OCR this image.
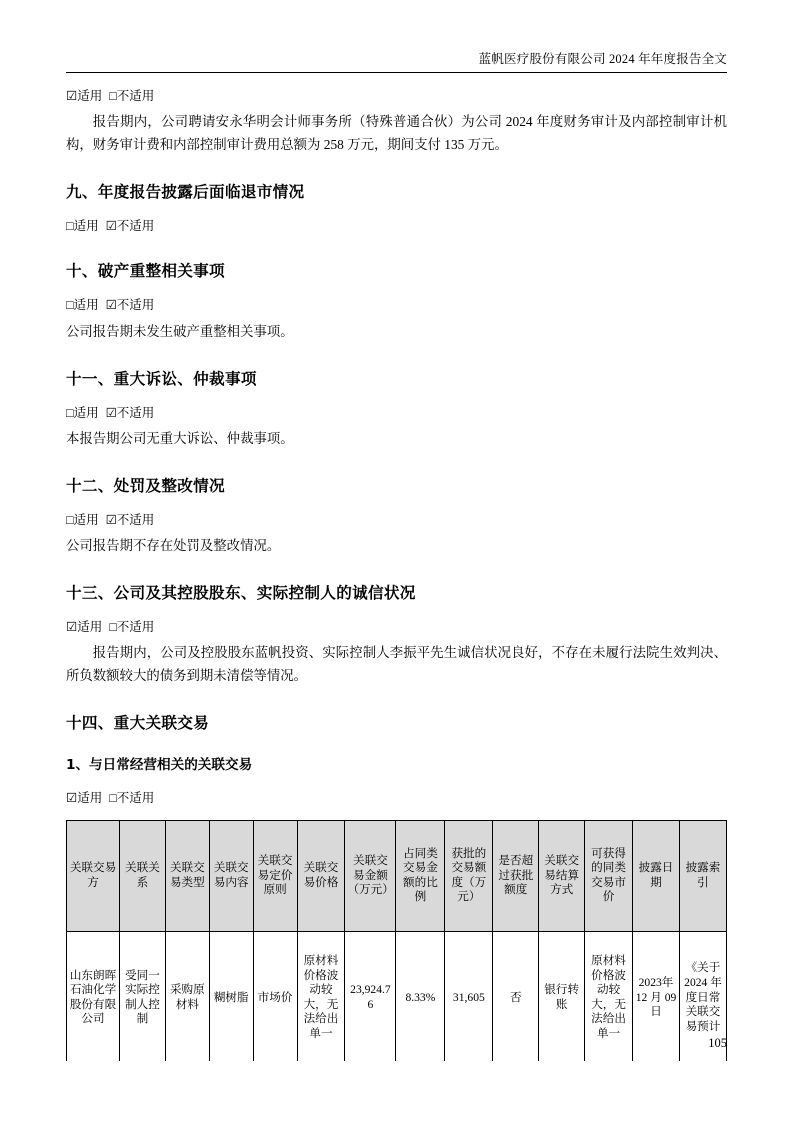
蓝帆医疗股份有限公司 2024 年年度报告全文
☑适用 □不适用

报告期内，公司聘请安永华明会计师事务所（特殊普通合伙）为公司 2024 年度财务审计及内部控制审计机构，财务审计费和内部控制审计费用总额为 258 万元，期间支付 135 万元。

九、年度报告披露后面临退市情况
□适用 ☑不适用
十、破产重整相关事项
□适用 ☑不适用

公司报告期未发生破产重整相关事项。

十一、重大诉讼、仲裁事项
□适用 ☑不适用

本报告期公司无重大诉讼、仲裁事项。

十二、处罚及整改情况
□适用 ☑不适用

公司报告期不存在处罚及整改情况。

十三、公司及其控股股东、实际控制人的诚信状况
☑适用 □不适用

报告期内，公司及控股股东蓝帆投资、实际控制人李振平先生诚信状况良好，不存在未履行法院生效判决、所负数额较大的债务到期未清偿等情况。

十四、重大关联交易
1、与日常经营相关的关联交易
☑适用 □不适用
关联交易方	关联关系	关联交易类型	关联交易内容	关联交易定价原则	关联交易价格	关联交易金额（万元）	占同类交易金额的比例	获批的交易额度（万元）	是否超过获批额度	关联交易结算方式	可获得的同类交易市价	披露日期	披露索引
山东朗晖石油化学股份有限公司	受同一实际控制人控制	采购原材料	糊树脂	市场价	原材料价格波动较大，无法给出单一	23,924.76	8.33%	31,605	否	银行转账	原材料价格波动较大，无法给出单一	2023年 12 月 09 日	《关于 2024 年度日常关联交易预计
105
